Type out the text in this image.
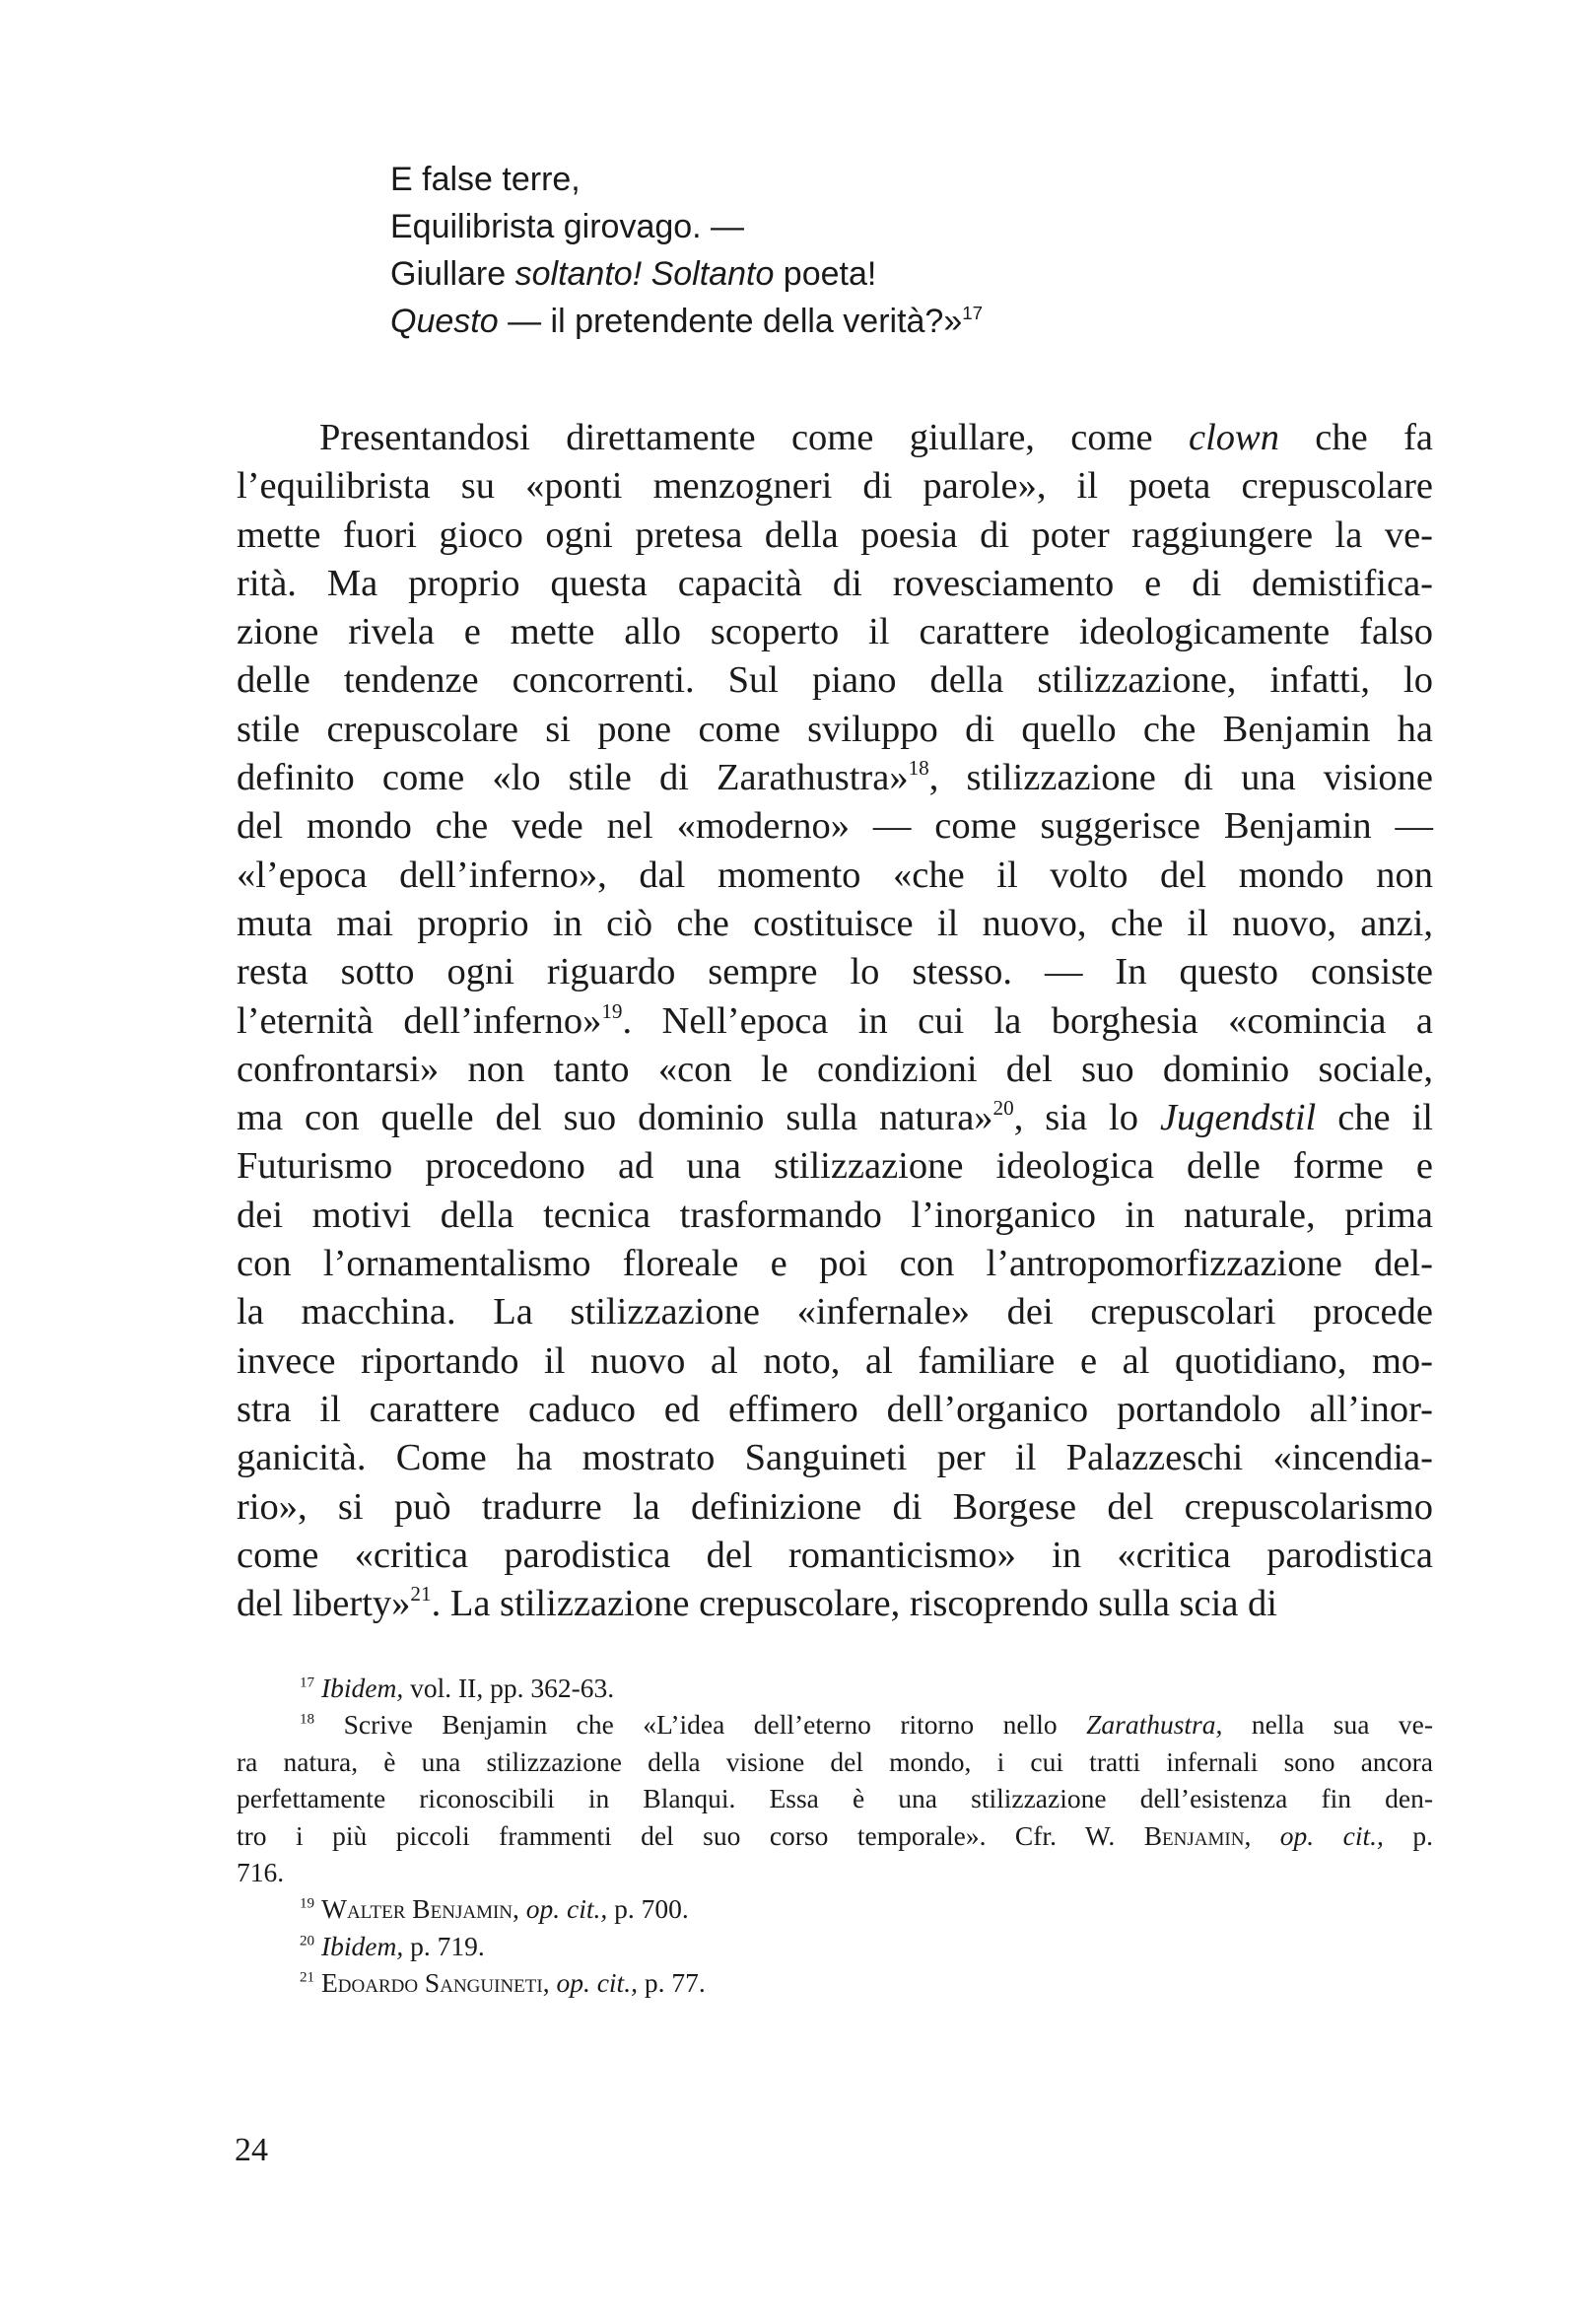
E false terre,
Equilibrista girovago. —
Giullare soltanto! Soltanto poeta!
Questo — il pretendente della verità?»$^{17}$
Presentandosi direttamente come giullare, come clown che fa
l’equilibrista su «ponti menzogneri di parole», il poeta crepuscolare
mette fuori gioco ogni pretesa della poesia di poter raggiungere la ve-
rità. Ma proprio questa capacità di rovesciamento e di demistifica-
zione rivela e mette allo scoperto il carattere ideologicamente falso
delle tendenze concorrenti. Sul piano della stilizzazione, infatti, lo
stile crepuscolare si pone come sviluppo di quello che Benjamin ha
definito come «lo stile di Zarathustra»$^{18}$, stilizzazione di una visione
del mondo che vede nel «moderno» — come suggerisce Benjamin —
«l’epoca dell’inferno», dal momento «che il volto del mondo non
muta mai proprio in ciò che costituisce il nuovo, che il nuovo, anzi,
resta sotto ogni riguardo sempre lo stesso. — In questo consiste
l’eternità dell’inferno»$^{19}$. Nell’epoca in cui la borghesia «comincia a
confrontarsi» non tanto «con le condizioni del suo dominio sociale,
ma con quelle del suo dominio sulla natura»$^{20}$, sia lo Jugendstil che il
Futurismo procedono ad una stilizzazione ideologica delle forme e
dei motivi della tecnica trasformando l’inorganico in naturale, prima
con l’ornamentalismo floreale e poi con l’antropomorfizzazione del-
la macchina. La stilizzazione «infernale» dei crepuscolari procede
invece riportando il nuovo al noto, al familiare e al quotidiano, mo-
stra il carattere caduco ed effimero dell’organico portandolo all’inor-
ganicità. Come ha mostrato Sanguineti per il Palazzeschi «incendia-
rio», si può tradurre la definizione di Borgese del crepuscolarismo
come «critica parodistica del romanticismo» in «critica parodistica
del liberty»$^{21}$. La stilizzazione crepuscolare, riscoprendo sulla scia di
$^{17}$ Ibidem, vol. II, pp. 362-63.
$^{18}$ Scrive Benjamin che «L’idea dell’eterno ritorno nello Zarathustra, nella sua ve-
ra natura, è una stilizzazione della visione del mondo, i cui tratti infernali sono ancora
perfettamente riconoscibili in Blanqui. Essa è una stilizzazione dell’esistenza fin den-
tro i più piccoli frammenti del suo corso temporale». Cfr. W. Benjamin, op. cit., p.
716.
$^{19}$ Walter Benjamin, op. cit., p. 700.
$^{20}$ Ibidem, p. 719.
$^{21}$ Edoardo Sanguineti, op. cit., p. 77.
24
